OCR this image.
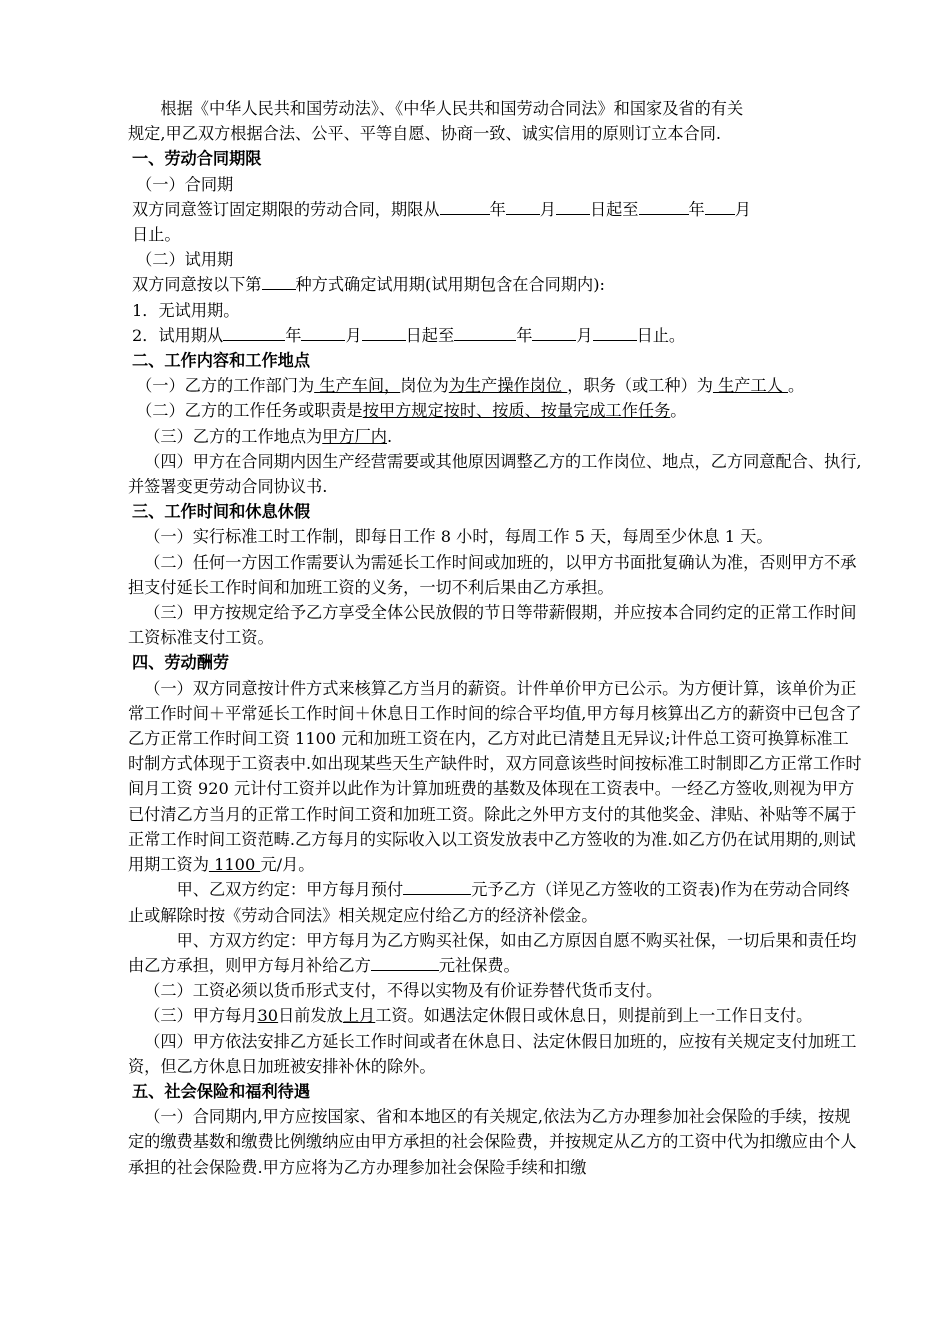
根据《中华人民共和国劳动法》、《中华人民共和国劳动合同法》和国家及省的有关
规定,甲乙双方根据合法、公平、平等自愿、协商一致、诚实信用的原则订立本合同.

一、劳动合同期限

（一）合同期

双方同意签订固定期限的劳动合同，期限从	年 月 日起至	年 月
日止。

（二）试用期

双方同意按以下第 种方式确定试用期(试用期包含在合同期内):

1．无试用期。

2．试用期从	年	月	日起至	年	月	日止。

二、工作内容和工作地点

（一）乙方的工作部门为 生产车间，岗位为为生产操作岗位 ，职务（或工种）为 生产工人 。

（二）乙方的工作任务或职责是按甲方规定按时、按质、按量完成工作任务。

（三）乙方的工作地点为甲方厂内.

（四）甲方在合同期内因生产经营需要或其他原因调整乙方的工作岗位、地点，乙方同意配合、执行,并签署变更劳动合同协议书.

三、工作时间和休息休假

（一）实行标准工时工作制，即每日工作 8 小时，每周工作 5 天，每周至少休息 1 天。

（二）任何一方因工作需要认为需延长工作时间或加班的，以甲方书面批复确认为准，否则甲方不承担支付延长工作时间和加班工资的义务，一切不利后果由乙方承担。

（三）甲方按规定给予乙方享受全体公民放假的节日等带薪假期，并应按本合同约定的正常工作时间工资标准支付工资。

四、劳动酬劳

（一）双方同意按计件方式来核算乙方当月的薪资。计件单价甲方已公示。为方便计算，该单价为正常工作时间＋平常延长工作时间＋休息日工作时间的综合平均值,甲方每月核算出乙方的薪资中已包含了乙方正常工作时间工资 1100 元和加班工资在内，乙方对此已清楚且无异议;计件总工资可换算标准工时制方式体现于工资表中.如出现某些天生产缺件时，双方同意该些时间按标准工时制即乙方正常工作时间月工资 920 元计付工资并以此作为计算加班费的基数及体现在工资表中。一经乙方签收,则视为甲方已付清乙方当月的正常工作时间工资和加班工资。除此之外甲方支付的其他奖金、津贴、补贴等不属于正常工作时间工资范畴.乙方每月的实际收入以工资发放表中乙方签收的为准.如乙方仍在试用期的,则试用期工资为 1100 元/月。

甲、乙双方约定：甲方每月预付	元予乙方（详见乙方签收的工资表)作为在劳动合同终止或解除时按《劳动合同法》相关规定应付给乙方的经济补偿金。

甲、方双方约定：甲方每月为乙方购买社保，如由乙方原因自愿不购买社保，一切后果和责任均由乙方承担，则甲方每月补给乙方	元社保费。

（二）工资必须以货币形式支付，不得以实物及有价证券替代货币支付。

（三）甲方每月30日前发放上月工资。如遇法定休假日或休息日，则提前到上一工作日支付。

（四）甲方依法安排乙方延长工作时间或者在休息日、法定休假日加班的，应按有关规定支付加班工资，但乙方休息日加班被安排补休的除外。

五、社会保险和福利待遇

（一）合同期内,甲方应按国家、省和本地区的有关规定,依法为乙方办理参加社会保险的手续，按规定的缴费基数和缴费比例缴纳应由甲方承担的社会保险费，并按规定从乙方的工资中代为扣缴应由个人承担的社会保险费.甲方应将为乙方办理参加社会保险手续和扣缴
